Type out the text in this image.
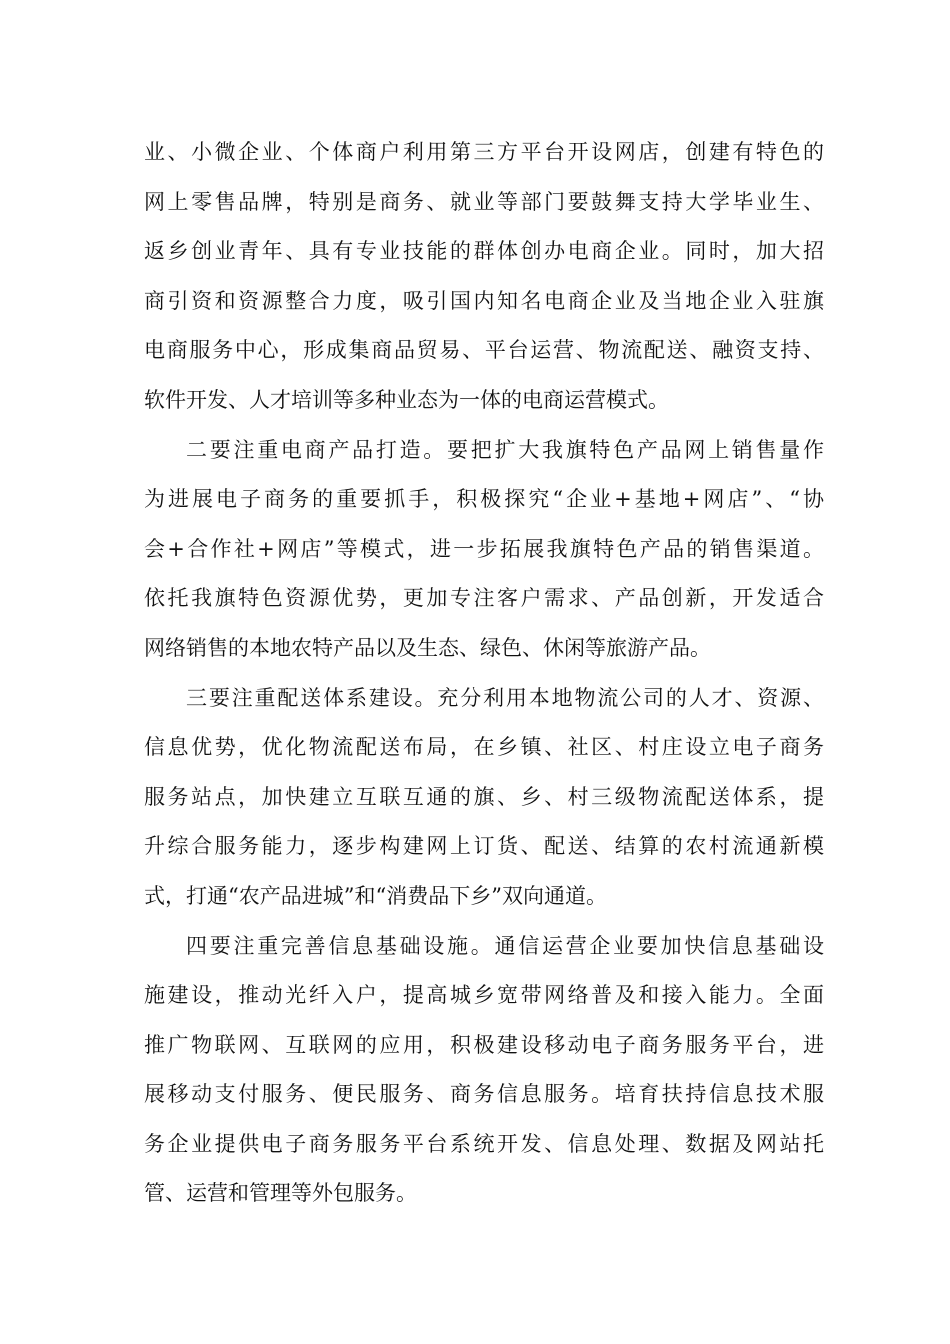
业、小微企业、个体商户利用第三方平台开设网店，创建有特色的
网上零售品牌，特别是商务、就业等部门要鼓舞支持大学毕业生、
返乡创业青年、具有专业技能的群体创办电商企业。同时，加大招
商引资和资源整合力度，吸引国内知名电商企业及当地企业入驻旗
电商服务中心，形成集商品贸易、平台运营、物流配送、融资支持、
软件开发、人才培训等多种业态为一体的电商运营模式。
二要注重电商产品打造。要把扩大我旗特色产品网上销售量作
为进展电子商务的重要抓手，积极探究“企业+基地+网店”、“协
会+合作社+网店”等模式，进一步拓展我旗特色产品的销售渠道。
依托我旗特色资源优势，更加专注客户需求、产品创新，开发适合
网络销售的本地农特产品以及生态、绿色、休闲等旅游产品。
三要注重配送体系建设。充分利用本地物流公司的人才、资源、
信息优势，优化物流配送布局，在乡镇、社区、村庄设立电子商务
服务站点，加快建立互联互通的旗、乡、村三级物流配送体系，提
升综合服务能力，逐步构建网上订货、配送、结算的农村流通新模
式，打通“农产品进城”和“消费品下乡”双向通道。
四要注重完善信息基础设施。通信运营企业要加快信息基础设
施建设，推动光纤入户，提高城乡宽带网络普及和接入能力。全面
推广物联网、互联网的应用，积极建设移动电子商务服务平台，进
展移动支付服务、便民服务、商务信息服务。培育扶持信息技术服
务企业提供电子商务服务平台系统开发、信息处理、数据及网站托
管、运营和管理等外包服务。
